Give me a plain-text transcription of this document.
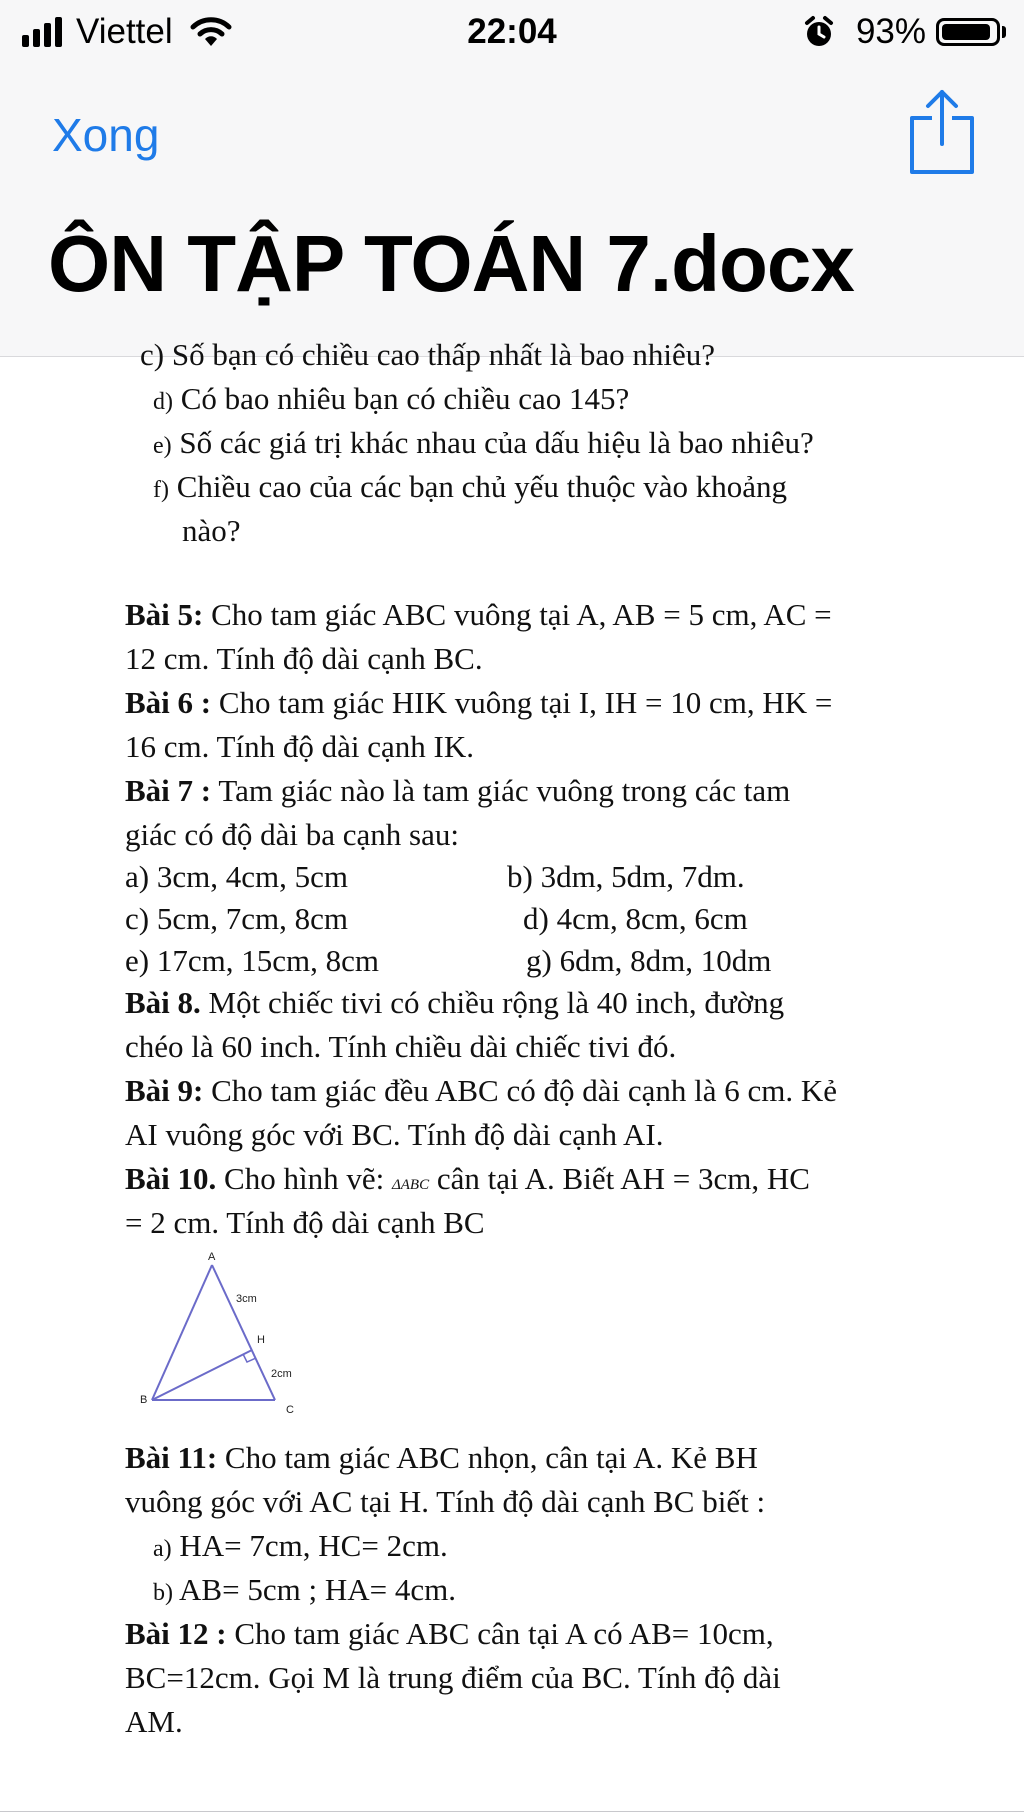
Viettel	22:04	93%
Xong
ÔN TẬP TOÁN 7.docx
c) Số bạn có chiều cao thấp nhất là bao nhiêu?
d) Có bao nhiêu bạn có chiều cao 145?
e) Số các giá trị khác nhau của dấu hiệu là bao nhiêu?
f) Chiều cao của các bạn chủ yếu thuộc vào khoảng
nào?
Bài 5: Cho tam giác ABC vuông tại A, AB = 5 cm, AC =
12 cm. Tính độ dài cạnh BC.
Bài 6 : Cho tam giác HIK vuông tại I, IH = 10 cm, HK =
16 cm. Tính độ dài cạnh IK.
Bài 7 : Tam giác nào là tam giác vuông trong các tam
giác có độ dài ba cạnh sau:
a) 3cm, 4cm, 5cm	b) 3dm, 5dm, 7dm.
c) 5cm, 7cm, 8cm	d) 4cm, 8cm, 6cm
e) 17cm, 15cm, 8cm	g) 6dm, 8dm, 10dm
Bài 8. Một chiếc tivi có chiều rộng là 40 inch, đường
chéo là 60 inch. Tính chiều dài chiếc tivi đó.
Bài 9: Cho tam giác đều ABC có độ dài cạnh là 6 cm. Kẻ
AI vuông góc với BC. Tính độ dài cạnh AI.
Bài 10. Cho hình vẽ: ΔABC cân tại A. Biết AH = 3cm, HC
= 2 cm. Tính độ dài cạnh BC
A
B
C
H
3cm
2cm
Bài 11: Cho tam giác ABC nhọn, cân tại A. Kẻ BH
vuông góc với AC tại H. Tính độ dài cạnh BC biết :
a) HA= 7cm, HC= 2cm.
b) AB= 5cm ; HA= 4cm.
Bài 12 : Cho tam giác ABC cân tại A có AB= 10cm,
BC=12cm. Gọi M là trung điểm của BC. Tính độ dài
AM.
